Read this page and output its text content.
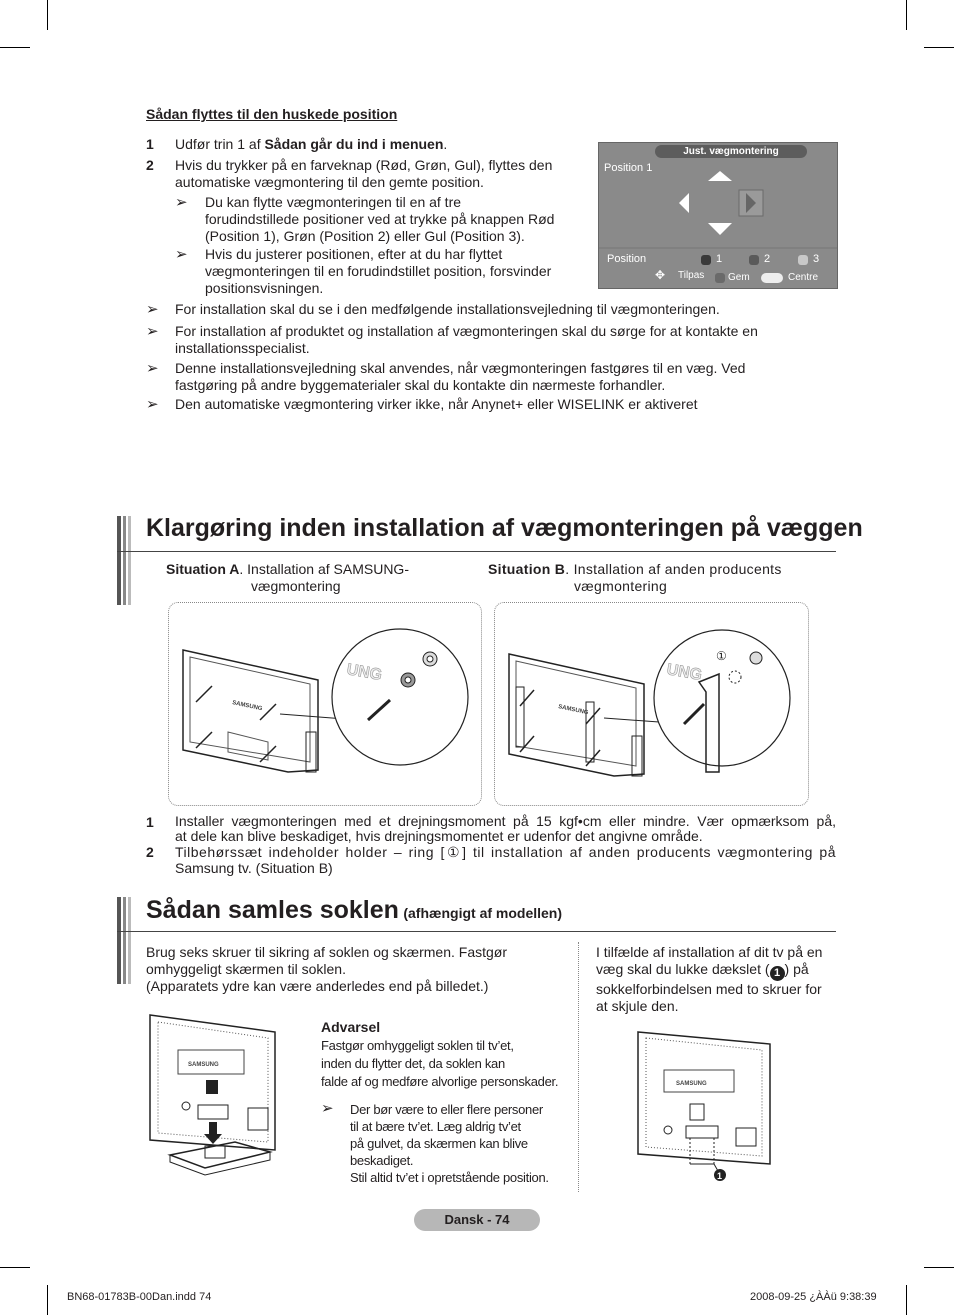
Sådan flyttes til den huskede position
1 Udfør trin 1 af Sådan går du ind i menuen.
2 Hvis du trykker på en farveknap (Rød, Grøn, Gul), flyttes den
automatiske vægmontering til den gemte position.
➢ Du kan flytte vægmonteringen til en af tre
forudindstillede positioner ved at trykke på knappen Rød
(Position 1), Grøn (Position 2) eller Gul (Position 3).
➢ Hvis du justerer positionen, efter at du har flyttet
vægmonteringen til en forudindstillet position, forsvinder
positionsvisningen.
➢ For installation skal du se i den medfølgende installationsvejledning til vægmonteringen.
➢ For installation af produktet og installation af vægmonteringen skal du sørge for at kontakte en
installationsspecialist.
➢ Denne installationsvejledning skal anvendes, når vægmonteringen fastgøres til en væg. Ved
fastgøring på andre byggematerialer skal du kontakte din nærmeste forhandler.
➢ Den automatiske vægmontering virker ikke, når Anynet+ eller WISELINK er aktiveret
Just. vægmontering
Position 1
Position	1	2	3
✥ Tilpas Gem	Centre
Klargøring inden installation af vægmonteringen på væggen
Situation A. Installation af SAMSUNG-
vægmontering
Situation B. Installation af anden producents
vægmontering
SAMSUNG
UNG
SAMSUNG
UNG
①
1 Installer vægmonteringen med et drejningsmoment på 15 kgf•cm eller mindre. Vær opmærksom på,
at dele kan blive beskadiget, hvis drejningsmomentet er udenfor det angivne område.
2 Tilbehørssæt indeholder holder – ring [①] til installation af anden producents vægmontering på
Samsung tv. (Situation B)
Sådan samles soklen (afhængigt af modellen)
Brug seks skruer til sikring af soklen og skærmen. Fastgør
omhyggeligt skærmen til soklen.
(Apparatets ydre kan være anderledes end på billedet.)
SAMSUNG
Advarsel
Fastgør omhyggeligt soklen til tv’et,
inden du flytter det, da soklen kan
falde af og medføre alvorlige personskader.
➢ Der bør være to eller flere personer
til at bære tv’et. Læg aldrig tv’et
på gulvet, da skærmen kan blive
beskadiget.
Stil altid tv’et i opretstående position.
I tilfælde af installation af dit tv på en
væg skal du lukke dækslet ( 1 ) på
sokkelforbindelsen med to skruer for
at skjule den.
SAMSUNG
1
Dansk - 74
BN68-01783B-00Dan.indd 74	2008-09-25 ¿ÀÀü 9:38:39
